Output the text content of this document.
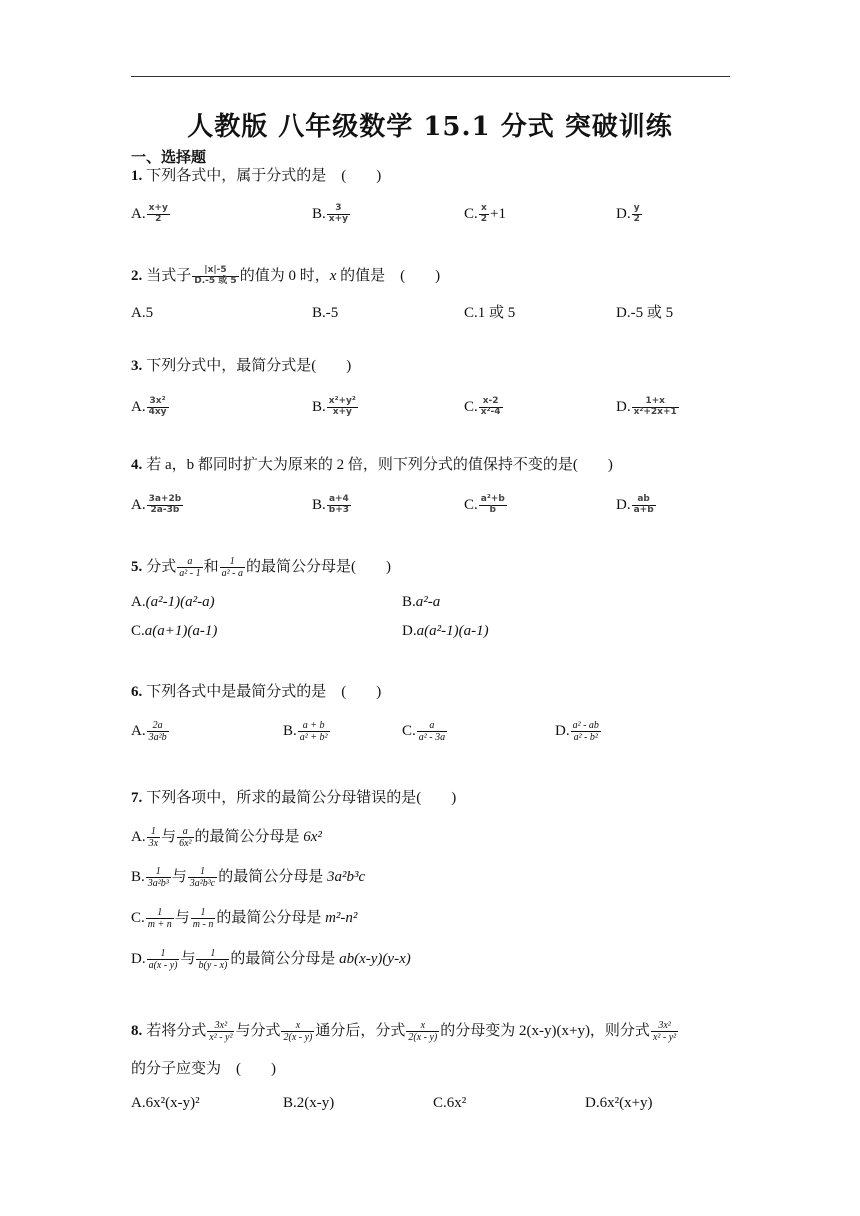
人教版 八年级数学 15.1 分式 突破训练
一、选择题
1. 下列各式中，属于分式的是　 (　　)
A. $\frac{x+y}{2}$	B. $\frac{3}{x+y}$	C. $\frac{x}{2} +1$	D. $\frac{y}{2}$
2. 当式子 $\frac{|x|-5}{\text{D.-5 或 5}}$ 的值为 0 时，x 的值是　 (　　)
A.5	B.-5	C.1 或 5	D.-5 或 5
3. 下列分式中，最简分式是(　　)
A. $\frac{\text{3x²}}{4xy}$	B. $\frac{\text{x²+y²}}{x+y}$	C. $\frac{x-2}{\text{x²-4}}$	D. $\frac{1+x}{\text{x²+2x+1}}$
4. 若 a，b 都同时扩大为原来的 2 倍，则下列分式的值保持不变的是(　　)
A. $\frac{3a+2b}{2a-3b}$	B. $\frac{a+4}{b+3}$	C. $\frac{\text{a²+b}}{b}$	D. $\frac{ab}{a+b}$
5. 分式 $\frac{a}{\text{a² - 1}}$ 和 $\frac{1}{\text{a² - a}}$ 的最简公分母是(　　)
A.(a²-1)(a²-a)	B.a²-a
C.a(a+1)(a-1)	D.a(a²-1)(a-1)
6. 下列各式中是最简分式的是　 (　　)
A. $\frac{2a}{\text{3a²b}}$	B. $\frac{a + b}{\text{a² + b²}}$	C. $\frac{a}{\text{a² - 3a}}$	D. $\frac{\text{a² - ab}}{\text{a² - b²}}$
7. 下列各项中，所求的最简公分母错误的是(　　)
A. $\frac{1}{3x}$ 与 $\frac{a}{\text{6x²}}$ 的最简公分母是 6x²
B. $\frac{1}{\text{3a²b³}}$ 与 $\frac{1}{\text{3a²b³c}}$ 的最简公分母是 3a²b³c
C. $\frac{1}{m + n}$ 与 $\frac{1}{m - n}$ 的最简公分母是 m²-n²
D. $\frac{1}{a(x - y)}$ 与 $\frac{1}{b(y - x)}$ 的最简公分母是 ab(x-y)(y-x)
8. 若将分式 $\frac{\text{3x²}}{\text{x² - y²}}$ 与分式 $\frac{x}{2(x - y)}$ 通分后，分式 $\frac{x}{2(x - y)}$ 的分母变为 2(x-y)(x+y)，则分式 $\frac{\text{3x²}}{\text{x² - y²}}$
的分子应变为　 (　　)
A.6x²(x-y)²	B.2(x-y)	C.6x²	D.6x²(x+y)
